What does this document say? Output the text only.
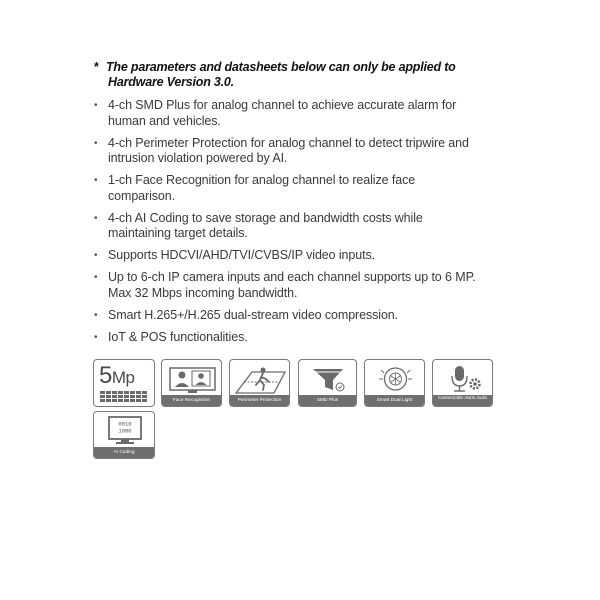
* The parameters and datasheets below can only be applied to
Hardware Version 3.0.
• 4-ch SMD Plus for analog channel to achieve accurate alarm for
human and vehicles.
• 4-ch Perimeter Protection for analog channel to detect tripwire and
intrusion violation powered by AI.
• 1-ch Face Recognition for analog channel to realize face
comparison.
• 4-ch AI Coding to save storage and bandwidth costs while
maintaining target details.
• Supports HDCVI/AHD/TVI/CVBS/IP video inputs.
• Up to 6-ch IP camera inputs and each channel supports up to 6 MP.
Max 32 Mbps incoming bandwidth.
• Smart H.265+/H.265 dual-stream video compression.
• IoT & POS functionalities.
5Mp
Face Recognition	Perimeter Protection	SMD Plus	Smart Dual Light
Customizable Alarm Audio
0010
1000
AI Coding
